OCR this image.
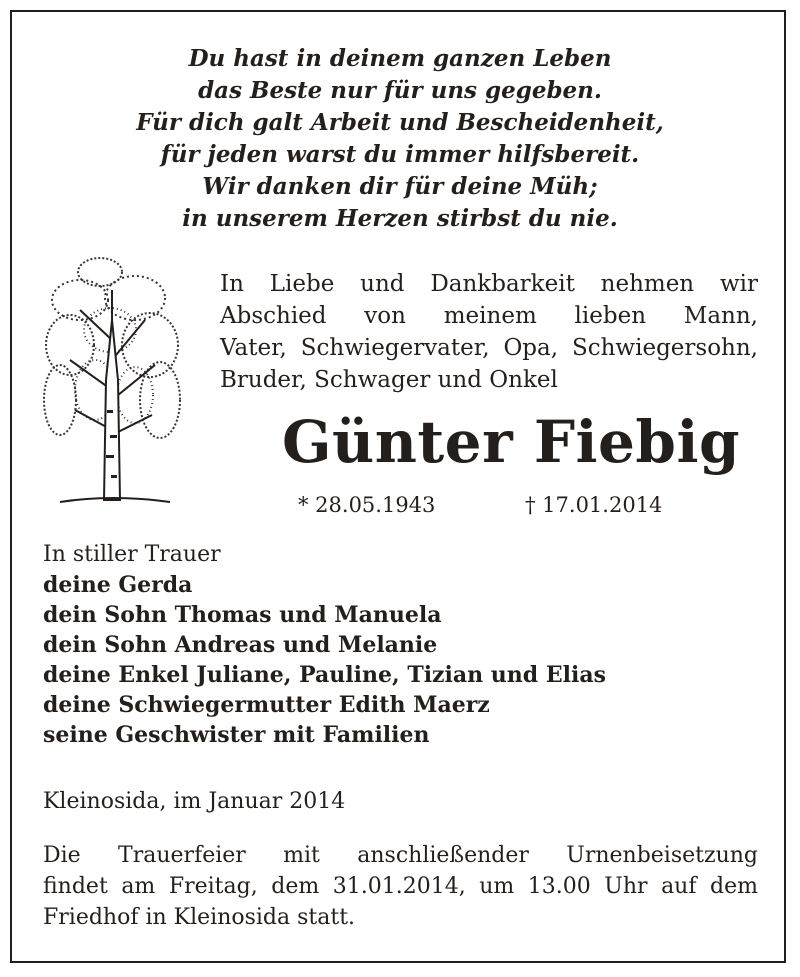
Du hast in deinem ganzen Leben
das Beste nur für uns gegeben.
Für dich galt Arbeit und Bescheidenheit,
für jeden warst du immer hilfsbereit.
Wir danken dir für deine Müh;
in unserem Herzen stirbst du nie.
In Liebe und Dankbarkeit nehmen wir
Abschied von meinem lieben Mann,
Vater, Schwiegervater, Opa, Schwiegersohn,
Bruder, Schwager und Onkel
Günter Fiebig
* 28.05.1943	† 17.01.2014
In stiller Trauer
deine Gerda
dein Sohn Thomas und Manuela
dein Sohn Andreas und Melanie
deine Enkel Juliane, Pauline, Tizian und Elias
deine Schwiegermutter Edith Maerz
seine Geschwister mit Familien
Kleinosida, im Januar 2014
Die Trauerfeier mit anschließender Urnenbeisetzung
findet am Freitag, dem 31.01.2014, um 13.00 Uhr auf dem
Friedhof in Kleinosida statt.
